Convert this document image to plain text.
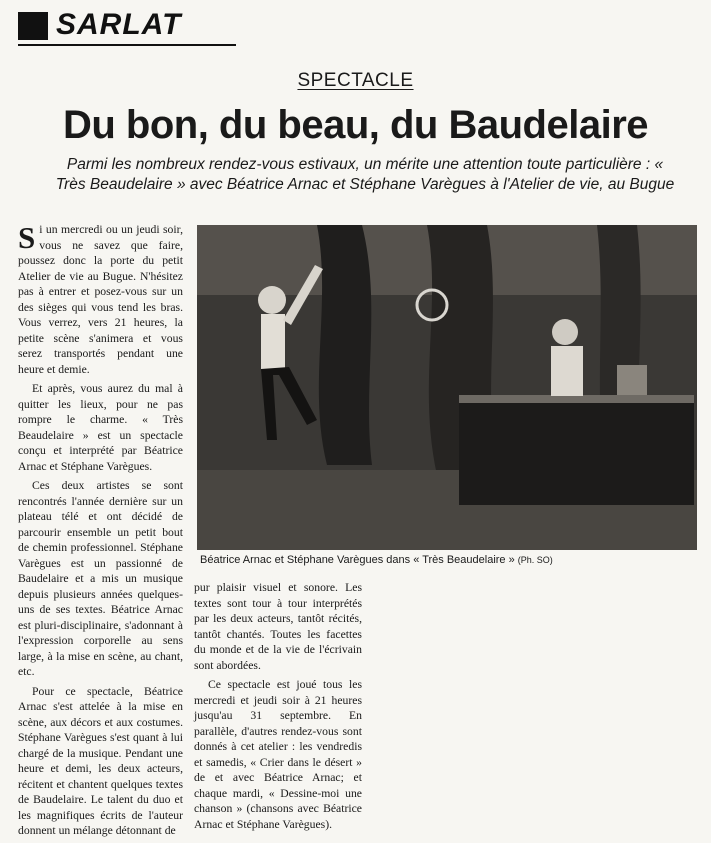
SARLAT
SPECTACLE
Du bon, du beau, du Baudelaire
Parmi les nombreux rendez-vous estivaux, un mérite une attention toute particulière : « Très Beaudelaire » avec Béatrice Arnac et Stéphane Varègues à l'Atelier de vie, au Bugue

Si un mercredi ou un jeudi soir, vous ne savez que faire, poussez donc la porte du petit Atelier de vie au Bugue. N'hésitez pas à entrer et posez-vous sur un des sièges qui vous tend les bras. Vous verrez, vers 21 heures, la petite scène s'animera et vous serez transportés pendant une heure et demie.

Et après, vous aurez du mal à quitter les lieux, pour ne pas rompre le charme. « Très Beaudelaire » est un spectacle conçu et interprété par Béatrice Arnac et Stéphane Varègues.

Ces deux artistes se sont rencontrés l'année dernière sur un plateau télé et ont décidé de parcourir ensemble un petit bout de chemin professionnel. Stéphane Varègues est un passionné de Baudelaire et a mis un musique depuis plusieurs années quelques-uns de ses textes. Béatrice Arnac est pluri-disciplinaire, s'adonnant à l'expression corporelle au sens large, à la mise en scène, au chant, etc.

Pour ce spectacle, Béatrice Arnac s'est attelée à la mise en scène, aux décors et aux costumes. Stéphane Varègues s'est quant à lui chargé de la musique. Pendant une heure et demi, les deux acteurs, récitent et chantent quelques textes de Baudelaire. Le talent du duo et les magnifiques écrits de l'auteur donnent un mélange détonnant de

Béatrice Arnac et Stéphane Varègues dans « Très Beaudelaire » (Ph. SO)

pur plaisir visuel et sonore. Les textes sont tour à tour interprétés par les deux acteurs, tantôt récités, tantôt chantés. Toutes les facettes du monde et de la vie de l'écrivain sont abordées.

Ce spectacle est joué tous les mercredi et jeudi soir à 21 heures jusqu'au 31 septembre. En parallèle, d'autres rendez-vous sont donnés à cet atelier : les vendredis et samedis, « Crier dans le désert » de et avec Béatrice Arnac; et chaque mardi, « Dessine-moi une chanson » (chansons avec Béatrice Arnac et Stéphane Varègues).
